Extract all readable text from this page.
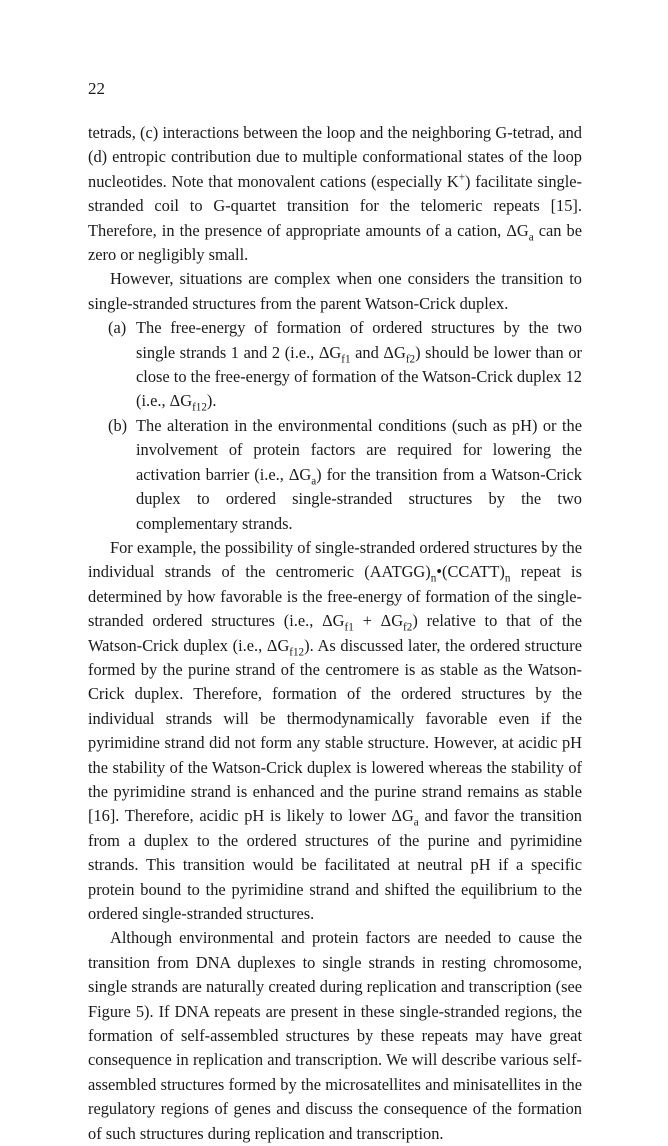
22

tetrads, (c) interactions between the loop and the neighboring G-tetrad, and (d) entropic contribution due to multiple conformational states of the loop nucleotides. Note that monovalent cations (especially K+) facilitate single-stranded coil to G-quartet transition for the telomeric repeats [15]. Therefore, in the presence of appropriate amounts of a cation, $\Delta G_a$ can be zero or negligibly small.

However, situations are complex when one considers the transition to single-stranded structures from the parent Watson-Crick duplex.

(a) The free-energy of formation of ordered structures by the two single strands 1 and 2 (i.e., $\Delta G_{f1}$ and $\Delta G_{f2}$) should be lower than or close to the free-energy of formation of the Watson-Crick duplex 12 (i.e., $\Delta G_{f12}$).
(b) The alteration in the environmental conditions (such as pH) or the involvement of protein factors are required for lowering the activation barrier (i.e., $\Delta G_a$) for the transition from a Watson-Crick duplex to ordered single-stranded structures by the two complementary strands.

For example, the possibility of single-stranded ordered structures by the individual strands of the centromeric $(AATGG)_n•(CCATT)_n$ repeat is determined by how favorable is the free-energy of formation of the single-stranded ordered structures (i.e., $\Delta G_{f1} + \Delta G_{f2}$) relative to that of the Watson-Crick duplex (i.e., $\Delta G_{f12}$). As discussed later, the ordered structure formed by the purine strand of the centromere is as stable as the Watson-Crick duplex. Therefore, formation of the ordered structures by the individual strands will be thermodynamically favorable even if the pyrimidine strand did not form any stable structure. However, at acidic pH the stability of the Watson-Crick duplex is lowered whereas the stability of the pyrimidine strand is enhanced and the purine strand remains as stable [16]. Therefore, acidic pH is likely to lower $\Delta G_a$ and favor the transition from a duplex to the ordered structures of the purine and pyrimidine strands. This transition would be facilitated at neutral pH if a specific protein bound to the pyrimidine strand and shifted the equilibrium to the ordered single-stranded structures.

Although environmental and protein factors are needed to cause the transition from DNA duplexes to single strands in resting chromosome, single strands are naturally created during replication and transcription (see Figure 5). If DNA repeats are present in these single-stranded regions, the formation of self-assembled structures by these repeats may have great consequence in replication and transcription. We will describe various self-assembled structures formed by the microsatellites and minisatellites in the regulatory regions of genes and discuss the consequence of the formation of such structures during replication and transcription.
